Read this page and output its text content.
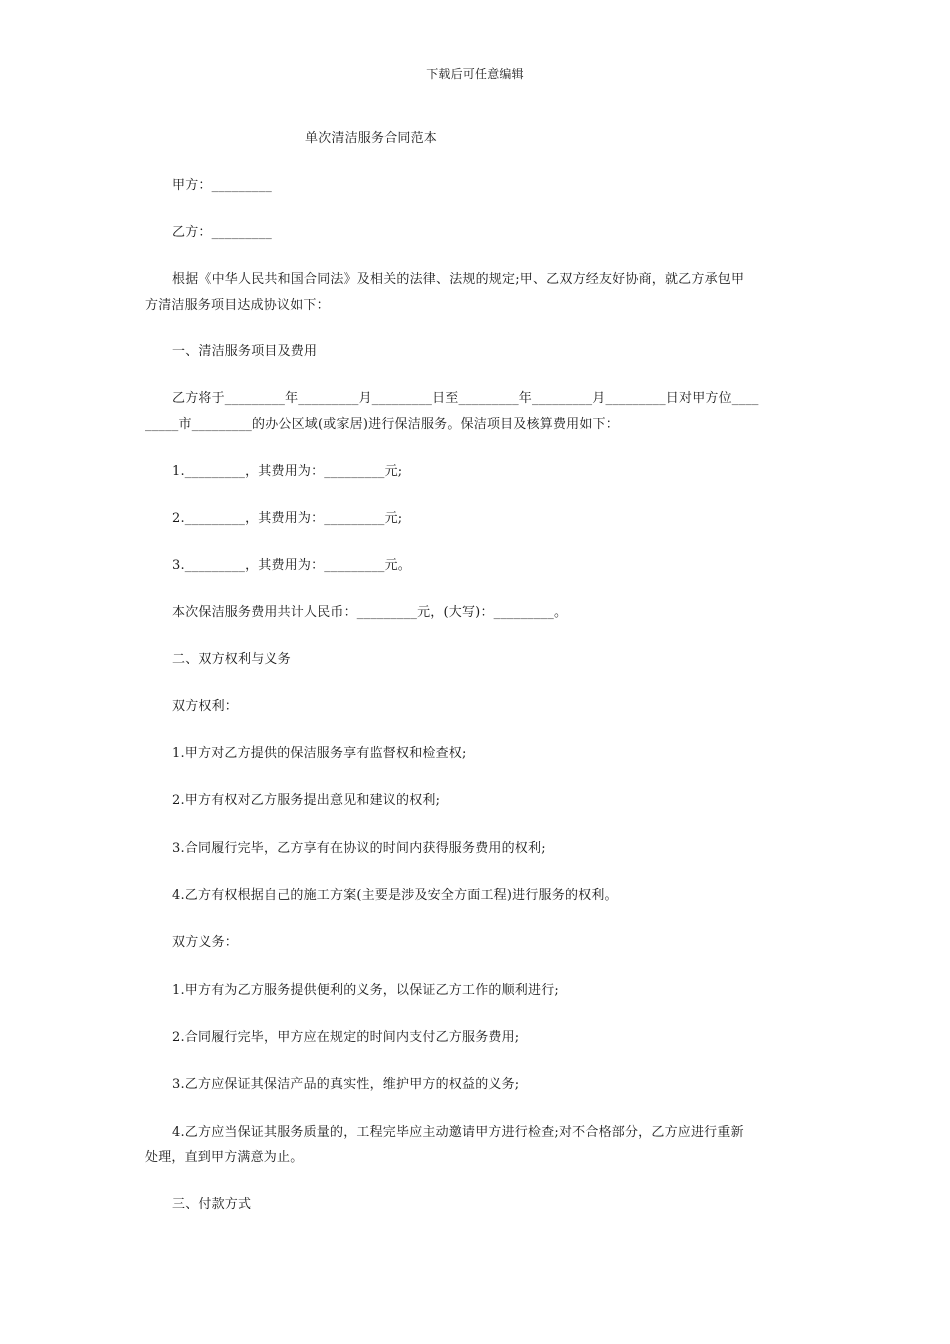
下载后可任意编辑
单次清洁服务合同范本
甲方：_________
乙方：_________
根据《中华人民共和国合同法》及相关的法律、法规的规定;甲、乙双方经友好协商，就乙方承包甲
方清洁服务项目达成协议如下：
一、清洁服务项目及费用
乙方将于_________年_________月_________日至_________年_________月_________日对甲方位____
_____市_________的办公区域(或家居)进行保洁服务。保洁项目及核算费用如下：
1._________，其费用为：_________元;
2._________，其费用为：_________元;
3._________，其费用为：_________元。
本次保洁服务费用共计人民币：_________元，(大写)：_________。
二、双方权利与义务
双方权利：
1.甲方对乙方提供的保洁服务享有监督权和检查权;
2.甲方有权对乙方服务提出意见和建议的权利;
3.合同履行完毕，乙方享有在协议的时间内获得服务费用的权利;
4.乙方有权根据自己的施工方案(主要是涉及安全方面工程)进行服务的权利。
双方义务：
1.甲方有为乙方服务提供便利的义务，以保证乙方工作的顺利进行;
2.合同履行完毕，甲方应在规定的时间内支付乙方服务费用;
3.乙方应保证其保洁产品的真实性，维护甲方的权益的义务;
4.乙方应当保证其服务质量的，工程完毕应主动邀请甲方进行检查;对不合格部分，乙方应进行重新
处理，直到甲方满意为止。
三、付款方式
